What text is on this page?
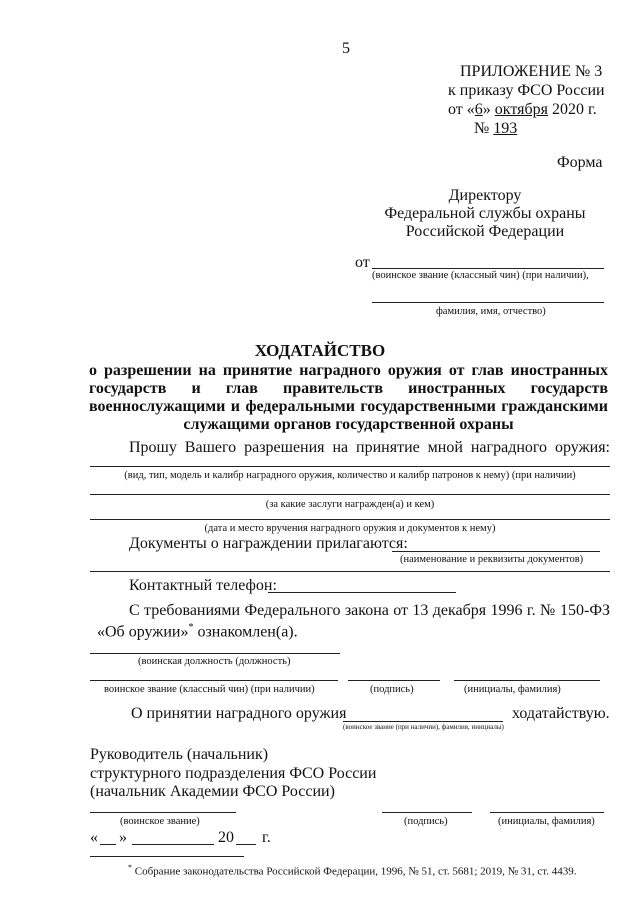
5
ПРИЛОЖЕНИЕ № 3
к приказу ФСО России
от «6» октября 2020 г.
№ 193
Форма
Директору
Федеральной службы охраны
Российской Федерации
от
(воинское звание (классный чин) (при наличии),
фамилия, имя, отчество)
ХОДАТАЙСТВО
о разрешении на принятие наградного оружия от глав иностранных
государств и глав правительств иностранных государств
военнослужащими и федеральными государственными гражданскими
служащими органов государственной охраны
Прошу Вашего разрешения на принятие мной наградного оружия:
(вид, тип, модель и калибр наградного оружия, количество и калибр патронов к нему) (при наличии)
(за какие заслуги награжден(а) и кем)
(дата и место вручения наградного оружия и документов к нему)
Документы о награждении прилагаются:
(наименование и реквизиты документов)
Контактный телефон:
С требованиями Федерального закона от 13 декабря 1996 г. № 150-ФЗ
«Об оружии»* ознакомлен(а).
(воинская должность (должность)
воинское звание (классный чин) (при наличии)	(подпись)	(инициалы, фамилия)
О принятии наградного оружия
(воинское звание (при наличии), фамилия, инициалы)
ходатайствую.
Руководитель (начальник)
структурного подразделения ФСО России
(начальник Академии ФСО России)
(воинское звание)	(подпись)	(инициалы, фамилия)
« »	20 г.
* Собрание законодательства Российской Федерации, 1996, № 51, ст. 5681; 2019, № 31, ст. 4439.
